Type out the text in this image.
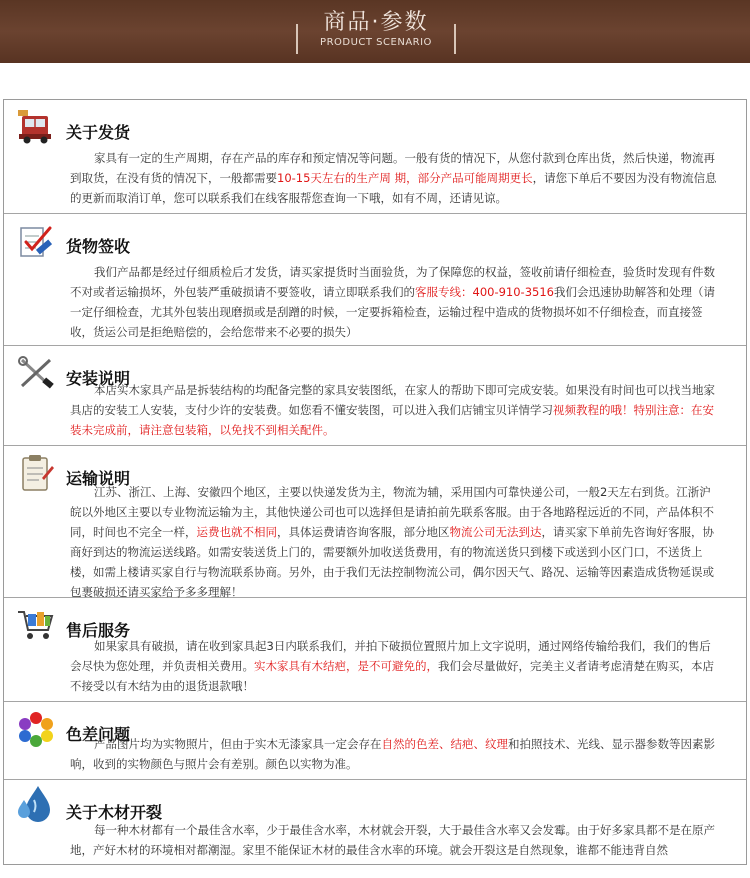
商品·参数
PRODUCT SCENARIO
关于发货

家具有一定的生产周期，存在产品的库存和预定情况等问题。一般有货的情况下，从您付款到仓库出货，然后快递，物流再到取货，在没有货的情况下，一般都需要10-15天左右的生产周 期，部分产品可能周期更长，请您下单后不要因为没有物流信息的更新而取消订单，您可以联系我们在线客服帮您查询一下哦，如有不周，还请见谅。

货物签收

我们产品都是经过仔细质检后才发货，请买家提货时当面验货，为了保障您的权益，签收前请仔细检查，验货时发现有件数不对或者运输损坏，外包装严重破损请不要签收，请立即联系我们的客服专线：400-910-3516我们会迅速协助解答和处理（请一定仔细检查，尤其外包装出现磨损或是刮蹭的时候，一定要拆箱检查，运输过程中造成的货物损坏如不仔细检查，而直接签收，货运公司是拒绝赔偿的，会给您带来不必要的损失）

安装说明

本店实木家具产品是拆装结构的均配备完整的家具安装图纸，在家人的帮助下即可完成安装。如果没有时间也可以找当地家具店的安装工人安装，支付少许的安装费。如您看不懂安装图，可以进入我们店铺宝贝详情学习视频教程的哦！特别注意：在安装未完成前，请注意包装箱，以免找不到相关配件。

运输说明

江苏、浙江、上海、安徽四个地区，主要以快递发货为主，物流为辅，采用国内可靠快递公司，一般2天左右到货。江浙沪皖以外地区主要以专业物流运输为主，其他快递公司也可以选择但是请拍前先联系客服。由于各地路程远近的不同，产品体积不同，时间也不完全一样，运费也就不相同，具体运费请咨询客服，部分地区物流公司无法到达，请买家下单前先咨询好客服，协商好到达的物流运送线路。如需安装送货上门的，需要额外加收送货费用，有的物流送货只到楼下或送到小区门口，不送货上楼，如需上楼请买家自行与物流联系协商。另外，由于我们无法控制物流公司，偶尔因天气、路况、运输等因素造成货物延误或包裹破损还请买家给予多多理解！

售后服务

如果家具有破损，请在收到家具起3日内联系我们，并拍下破损位置照片加上文字说明，通过网络传输给我们，我们的售后会尽快为您处理，并负责相关费用。实木家具有木结疤，是不可避免的，我们会尽量做好，完美主义者请考虑清楚在购买，本店不接受以有木结为由的退货退款哦！

色差问题

产品图片均为实物照片，但由于实木无漆家具一定会存在自然的色差、结疤、纹理和拍照技术、光线、显示器参数等因素影响，收到的实物颜色与照片会有差别。颜色以实物为准。

关于木材开裂

每一种木材都有一个最佳含水率，少于最佳含水率，木材就会开裂，大于最佳含水率又会发霉。由于好多家具都不是在原产地，产好木材的环境相对都潮湿。家里不能保证木材的最佳含水率的环境。就会开裂这是自然现象，谁都不能违背自然
